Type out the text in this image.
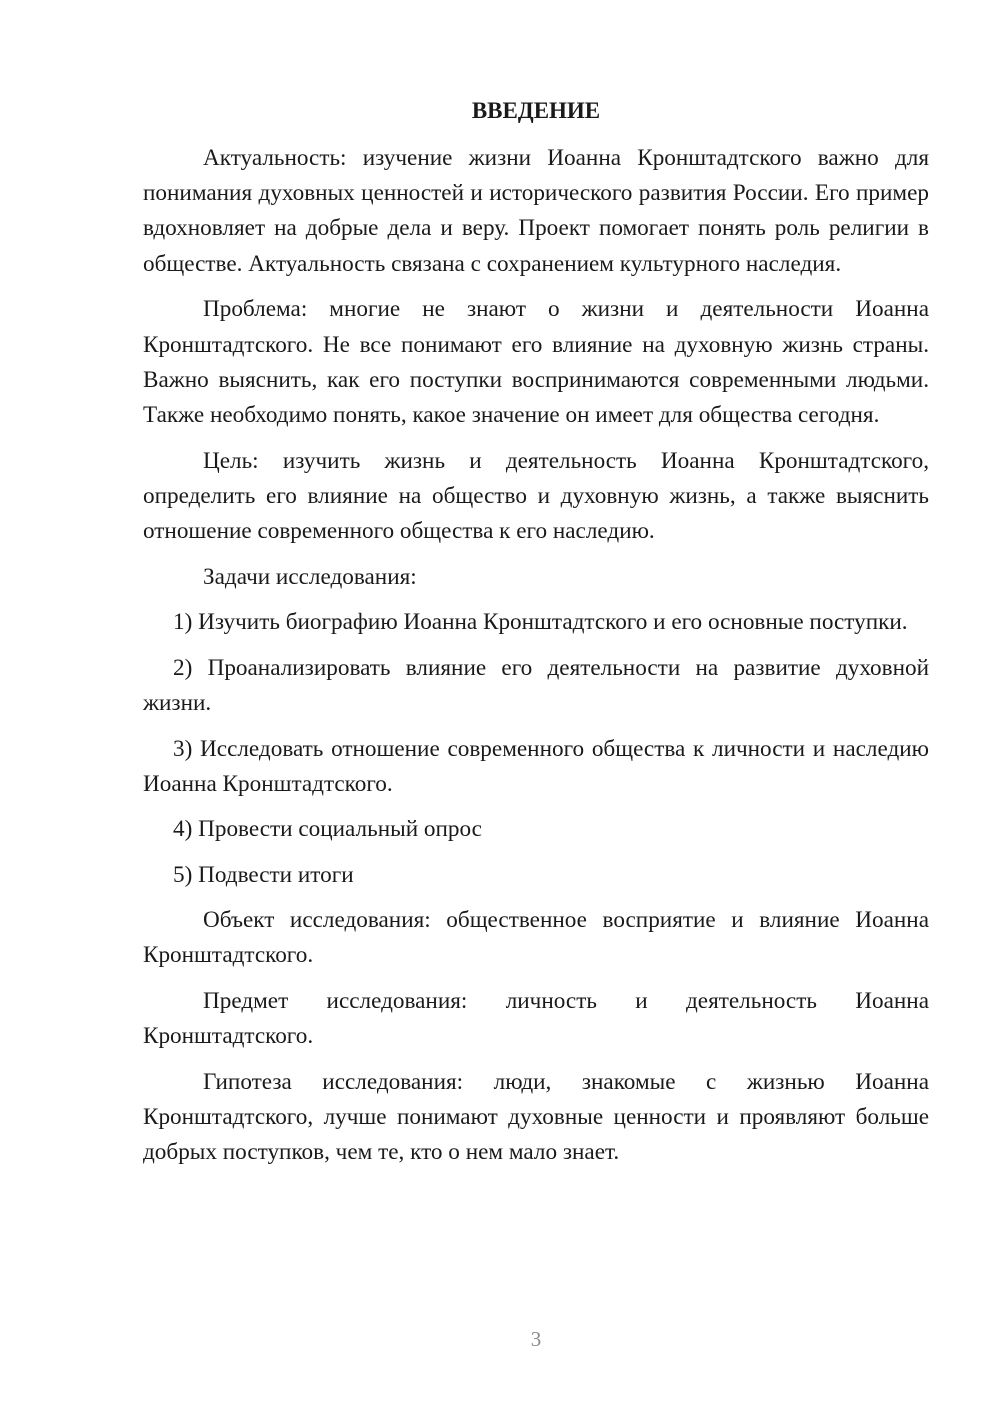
ВВЕДЕНИЕ

Актуальность: изучение жизни Иоанна Кронштадтского важно для понимания духовных ценностей и исторического развития России. Его пример вдохновляет на добрые дела и веру. Проект помогает понять роль религии в обществе. Актуальность связана с сохранением культурного наследия.

Проблема: многие не знают о жизни и деятельности Иоанна Кронштадтского. Не все понимают его влияние на духовную жизнь страны. Важно выяснить, как его поступки воспринимаются современными людьми. Также необходимо понять, какое значение он имеет для общества сегодня.

Цель: изучить жизнь и деятельность Иоанна Кронштадтского, определить его влияние на общество и духовную жизнь, а также выяснить отношение современного общества к его наследию.

Задачи исследования:

1) Изучить биографию Иоанна Кронштадтского и его основные поступки.

2) Проанализировать влияние его деятельности на развитие духовной жизни.

3) Исследовать отношение современного общества к личности и наследию Иоанна Кронштадтского.

4) Провести социальный опрос

5) Подвести итоги

Объект исследования: общественное восприятие и влияние Иоанна Кронштадтского.

Предмет исследования: личность и деятельность Иоанна Кронштадтского.

Гипотеза исследования: люди, знакомые с жизнью Иоанна Кронштадтского, лучше понимают духовные ценности и проявляют больше добрых поступков, чем те, кто о нем мало знает.

3
